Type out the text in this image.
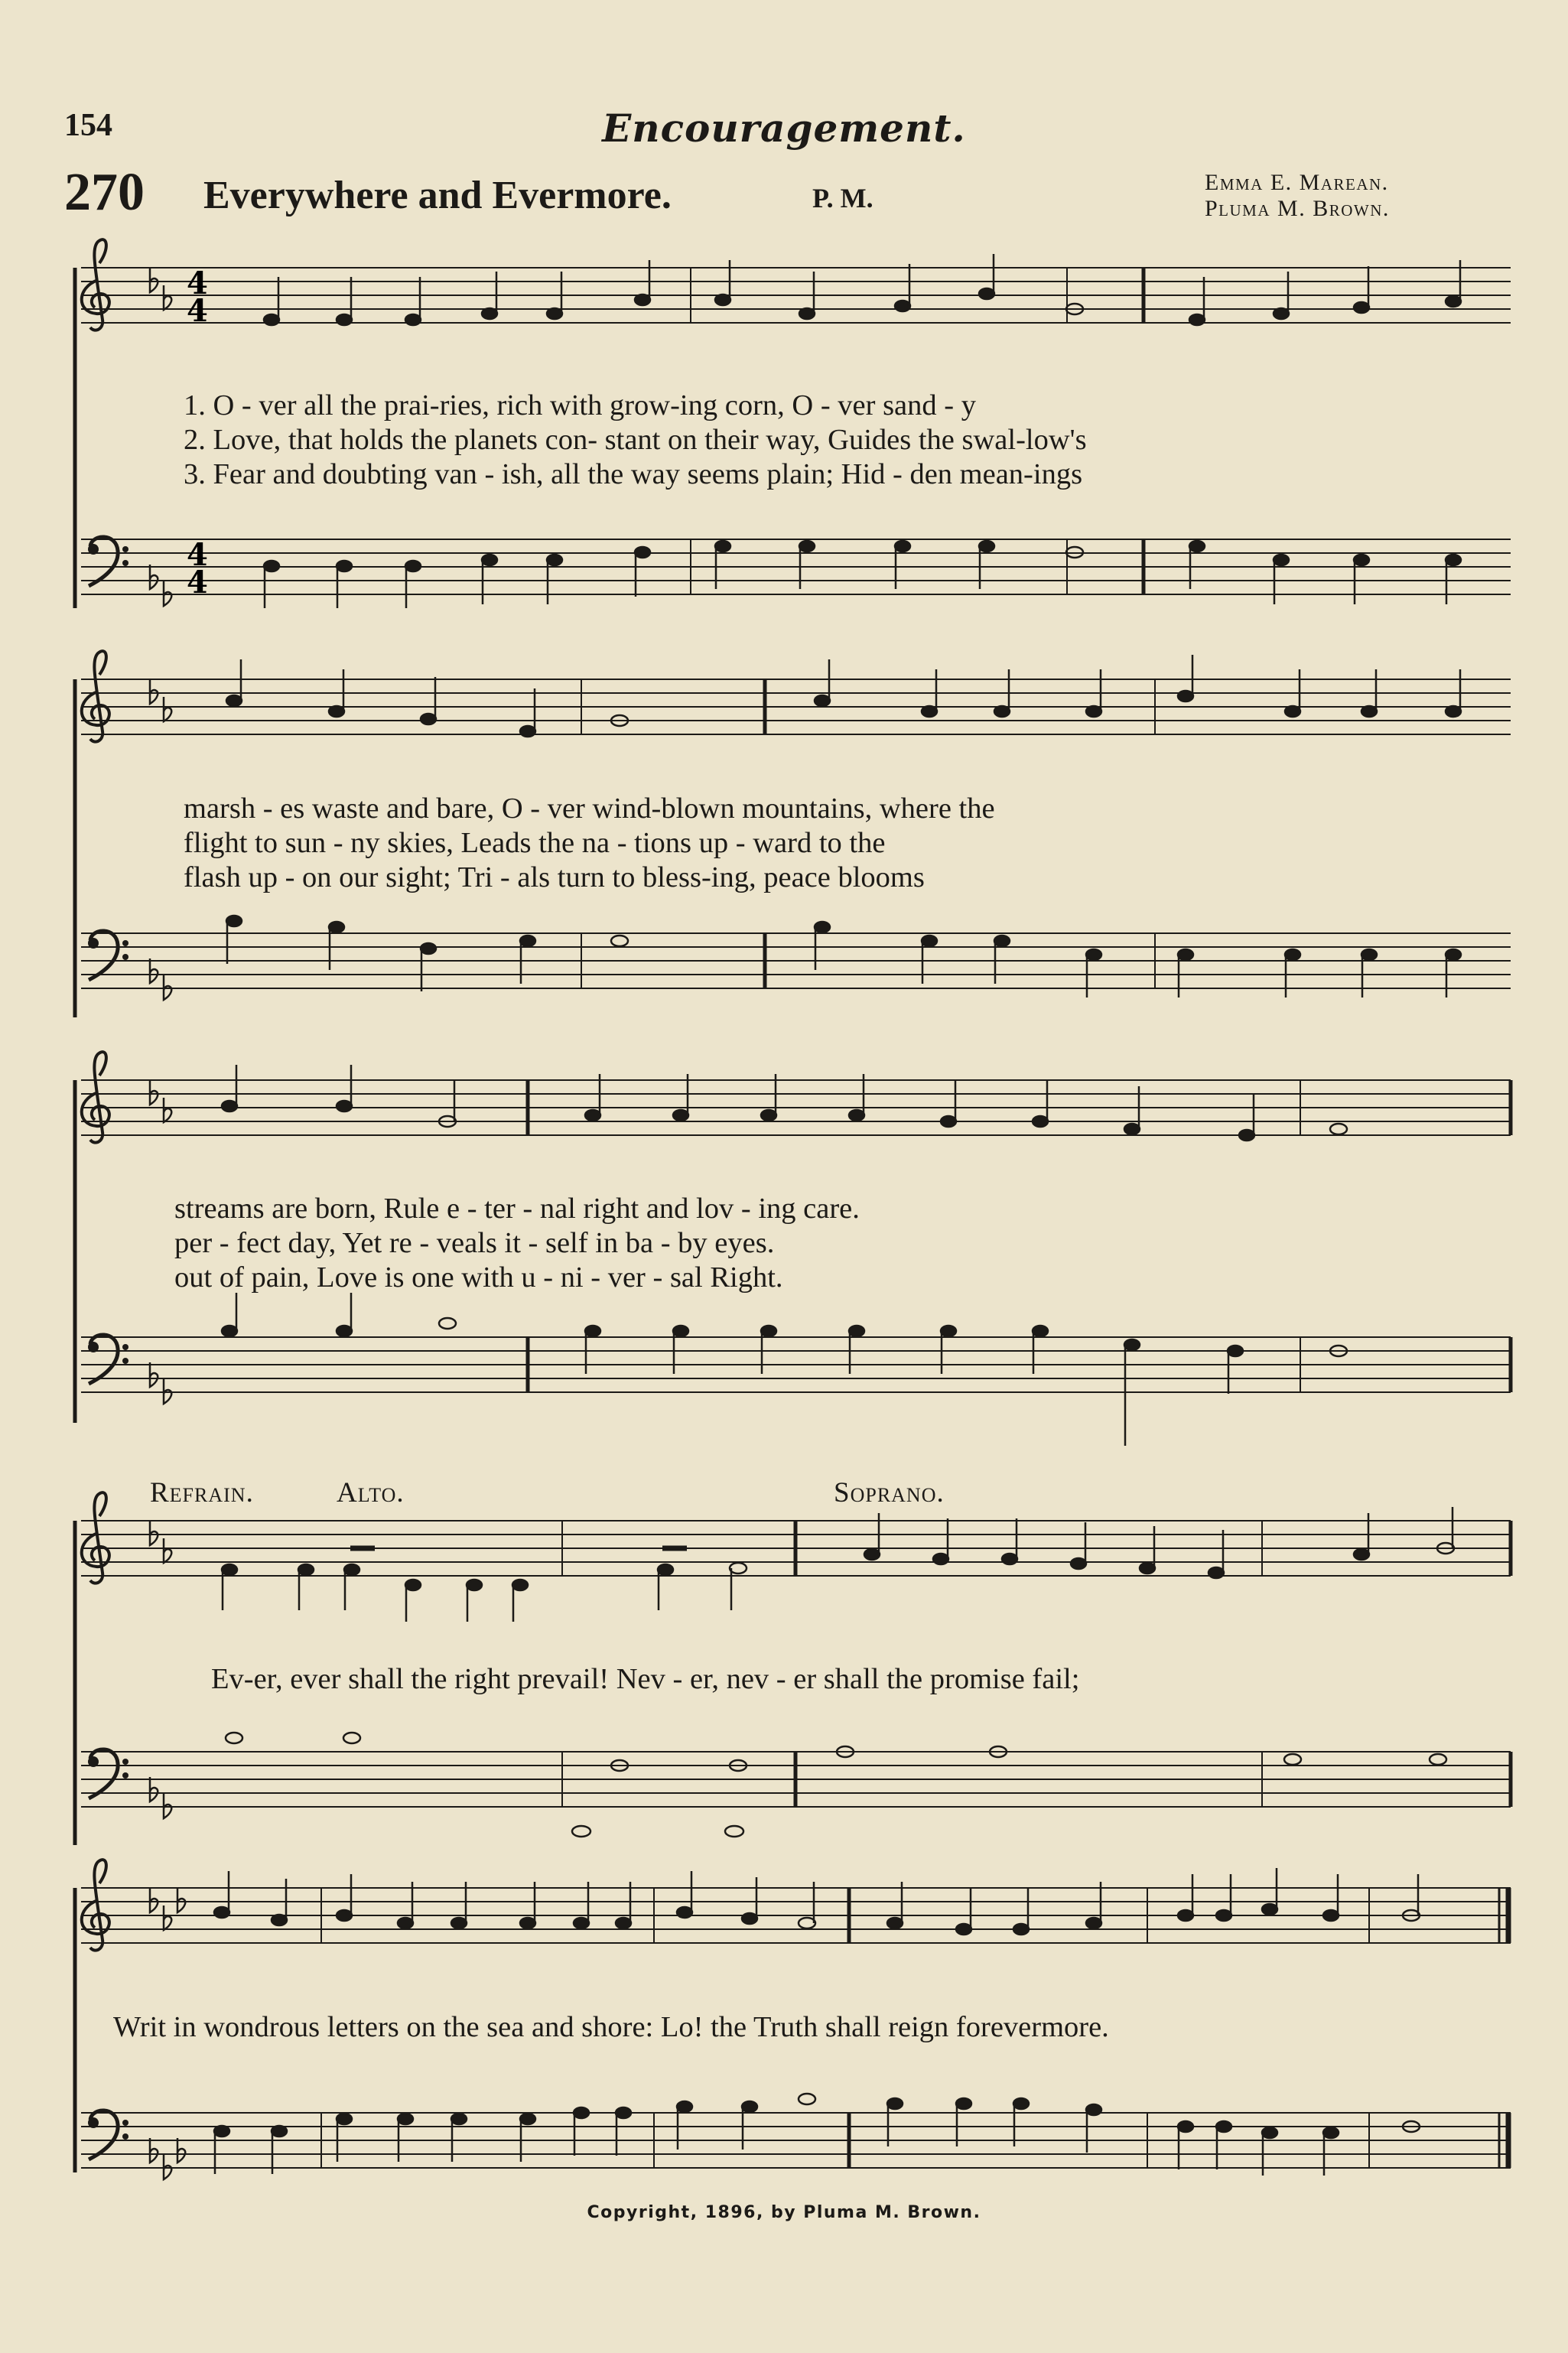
154	Encouragement.
270 Everywhere and Evermore.	P. M.
Emma E. Marean.
Pluma M. Brown.
4
4
4
4
1. O - ver all the prai-ries, rich with grow-ing corn, O - ver sand - y
2. Love, that holds the planets con- stant on their way, Guides the swal-low's
3. Fear and doubting van - ish, all the way seems plain; Hid - den mean-ings
marsh - es waste and bare, O - ver wind-blown mountains, where the
flight to sun - ny skies, Leads the na - tions up - ward to the
flash up - on our sight; Tri - als turn to bless-ing, peace blooms
streams are born, Rule e - ter - nal right and lov - ing care.
per - fect day, Yet re - veals it - self in ba - by eyes.
out of pain, Love is one with u - ni - ver - sal Right.
Refrain.	Alto.	Soprano.
Ev-er, ever shall the right prevail! Nev - er, nev - er shall the promise fail;
Writ in wondrous letters on the sea and shore: Lo! the Truth shall reign forevermore.
Copyright, 1896, by Pluma M. Brown.
